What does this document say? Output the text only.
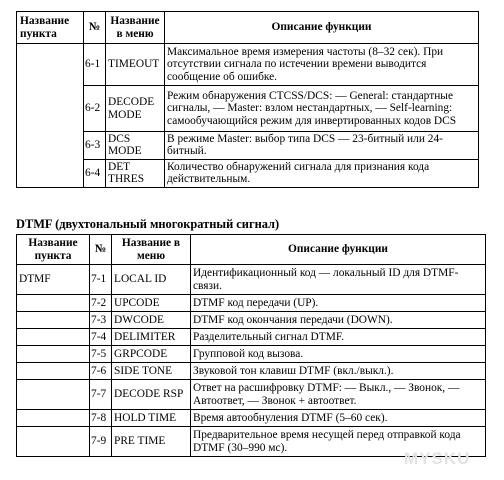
Название пункта	№	Название в меню	Описание функции
	6-1	TIMEOUT	Максимальное время измерения частоты (8–32 сек). При отсутствии сигнала по истечении времени выводится сообщение об ошибке.
	6-2	DECODE MODE	Режим обнаружения CTCSS/DCS: — General: стандартные сигналы, — Master: взлом нестандартных, — Self-learning: самообучающийся режим для инвертированных кодов DCS
	6-3	DCS MODE	В режиме Master: выбор типа DCS — 23-битный или 24-битный.
	6-4	DET THRES	Количество обнаружений сигнала для признания кода действительным.
DTMF (двухтональный многократный сигнал)
Название пункта	№	Название в меню	Описание функции
DTMF	7-1	LOCAL ID	Идентификационный код — локальный ID для DTMF-связи.
	7-2	UPCODE	DTMF код передачи (UP).
	7-3	DWCODE	DTMF код окончания передачи (DOWN).
	7-4	DELIMITER	Разделительный сигнал DTMF.
	7-5	GRPCODE	Групповой код вызова.
	7-6	SIDE TONE	Звуковой тон клавиш DTMF (вкл./выкл.).
	7-7	DECODE RSP	Ответ на расшифровку DTMF: — Выкл., — Звонок, — Автоответ, — Звонок + автоответ.
	7-8	HOLD TIME	Время автообнуления DTMF (5–60 сек).
	7-9	PRE TIME	Предварительное время несущей перед отправкой кода DTMF (30–990 мс).
MYSKU
